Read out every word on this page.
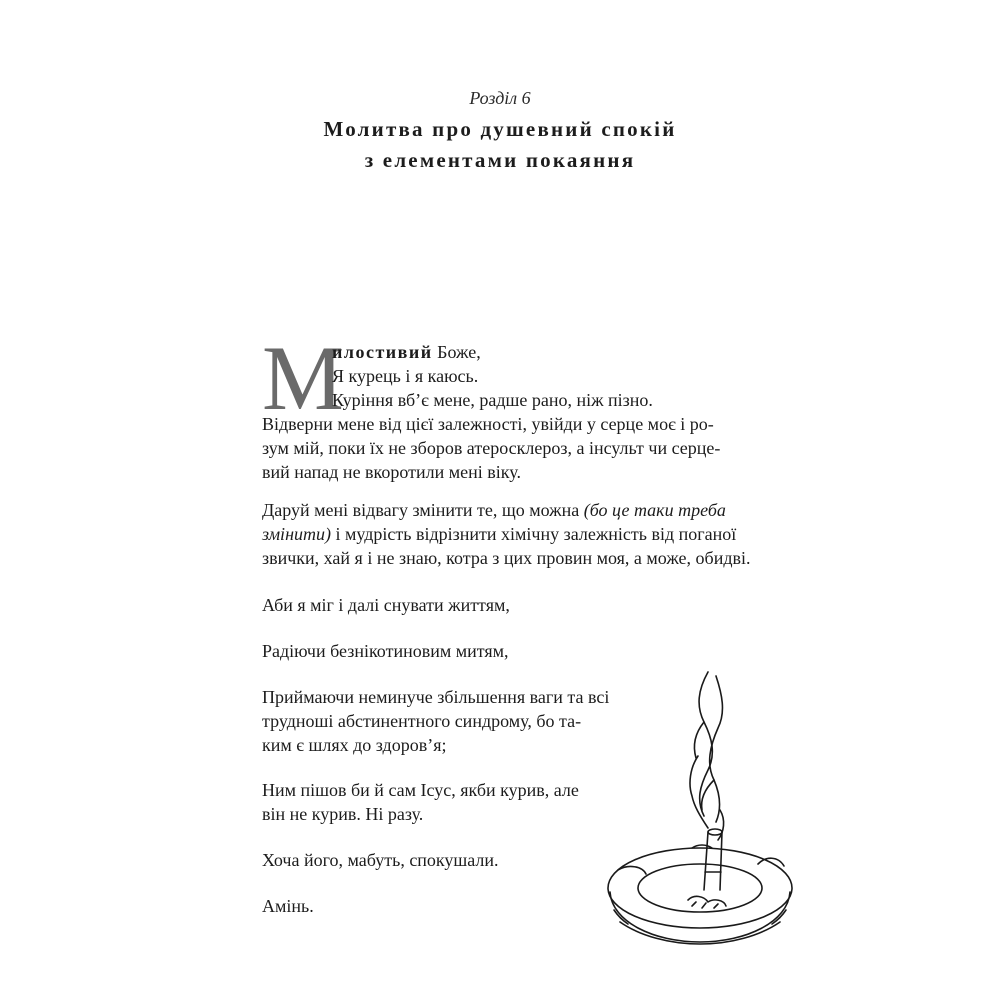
Розділ 6
Молитва про душевний спокій
з елементами покаяння
М
илостивий Боже,
Я курець і я каюсь.
Куріння вб’є мене, радше рано, ніж пізно.
Відверни мене від цієї залежності, увійди у серце моє і ро-
зум мій, поки їх не зборов атеросклероз, а інсульт чи серце-
вий напад не вкоротили мені віку.
Даруй мені відвагу змінити те, що можна (бо це таки треба
змінити) і мудрість відрізнити хімічну залежність від поганої
звички, хай я і не знаю, котра з цих провин моя, а може, обидві.
Аби я міг і далі снувати життям,
Радіючи безнікотиновим митям,
Приймаючи неминуче збільшення ваги та всі
трудноші абстинентного синдрому, бо та-
ким є шлях до здоров’я;
Ним пішов би й сам Ісус, якби курив, але
він не курив. Ні разу.
Хоча його, мабуть, спокушали.
Амінь.
